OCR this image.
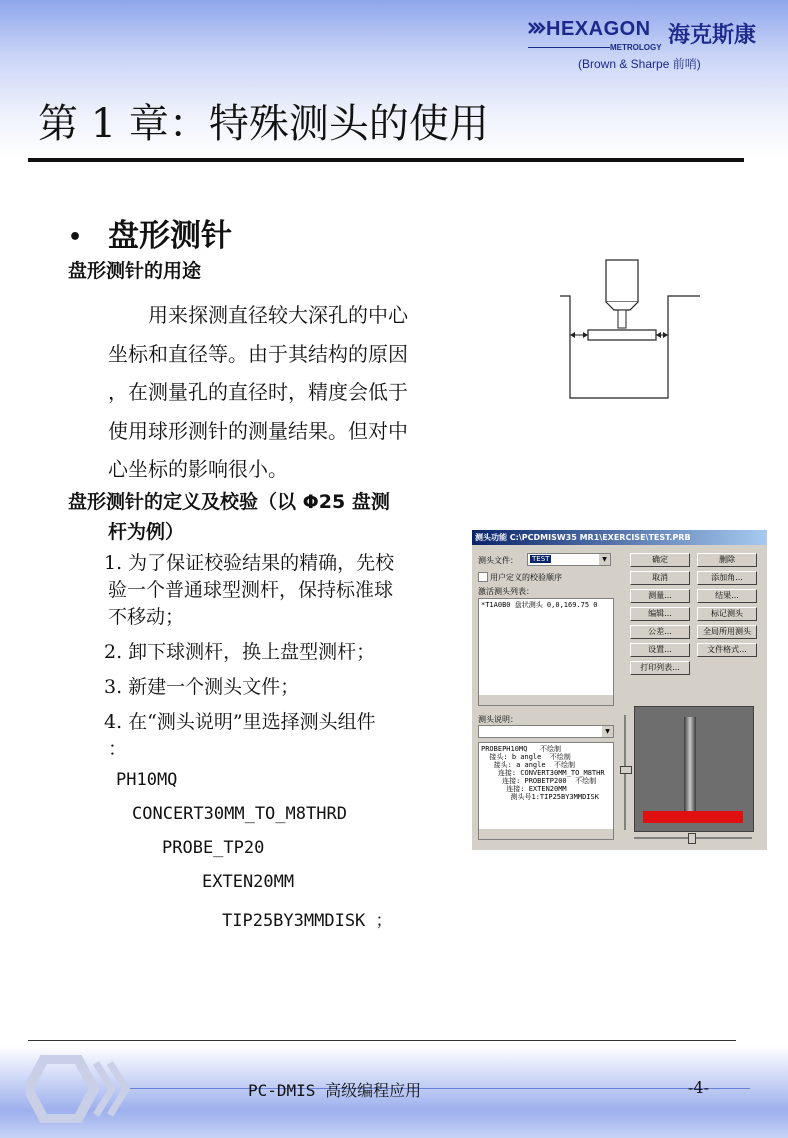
HEXAGON 海克斯康
METROLOGY
(Brown & Sharpe 前哨)
第 1 章：特殊测头的使用
• 盘形测针
盘形测针的用途
用来探测直径较大深孔的中心
坐标和直径等。由于其结构的原因
，在测量孔的直径时，精度会低于
使用球形测针的测量结果。但对中
心坐标的影响很小。
盘形测针的定义及校验（以 Φ25 盘测
杆为例）
1. 为了保证校验结果的精确，先校
验一个普通球型测杆，保持标准球
不移动；
2. 卸下球测杆，换上盘型测杆；
3. 新建一个测头文件；
4. 在“测头说明”里选择测头组件
：
PH10MQ
CONCERT30MM_TO_M8THRD
PROBE_TP20
EXTEN20MM
TIP25BY3MMDISK ；
测头功能 C:\PCDMISW35 MR1\EXERCISE\TEST.PRB
测头文件： TEST	▼
用户定义的校验顺序
激活测头列表：
*T1A0B0 盘状测头 0,0,169.75 0
确定	删除
取消	添加角...
测量...	结果...
编辑...	标记测头
公差...	全局所用测头
设置...	文件格式...
打印列表...
测头说明：
▼
PROBEPH10MQ   不绘制
接头: b angle  不绘制
接头: a angle  不绘制
连接: CONVERT30MM_TO_M8THR
连接: PROBETP200  不绘制
连接: EXTEN20MM
测头号1:TIP25BY3MMDISK
PC-DMIS 高级编程应用	-4-
